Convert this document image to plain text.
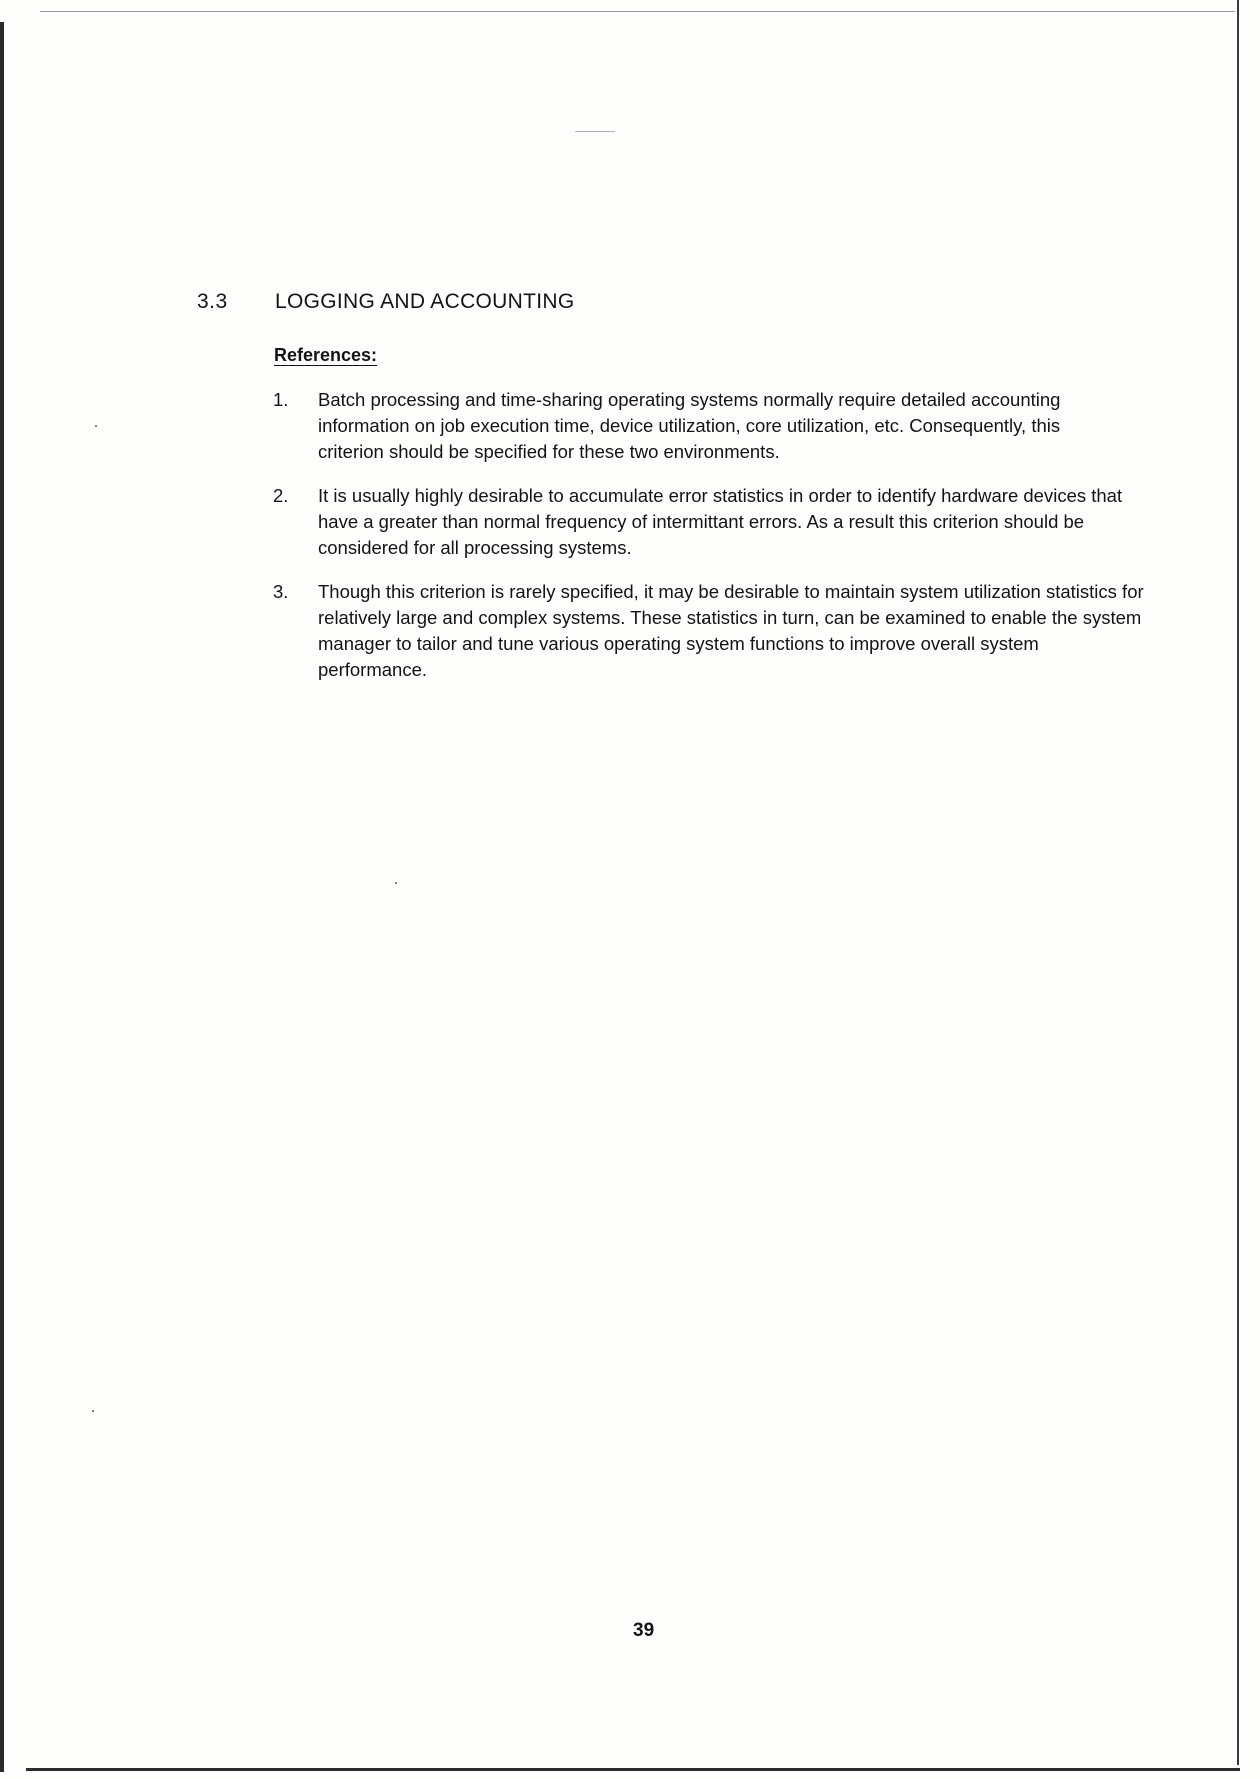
3.3 LOGGING AND ACCOUNTING
References:
1.	Batch processing and time-sharing operating systems normally require detailed accounting information on job execution time, device utilization, core utilization, etc. Consequently, this criterion should be specified for these two environments.
2.	It is usually highly desirable to accumulate error statistics in order to identify hardware devices that have a greater than normal frequency of intermittant errors. As a result this criterion should be considered for all processing systems.
3.	Though this criterion is rarely specified, it may be desirable to maintain system utilization statistics for relatively large and complex systems. These statistics in turn, can be examined to enable the system manager to tailor and tune various operating system functions to improve overall system performance.
39
